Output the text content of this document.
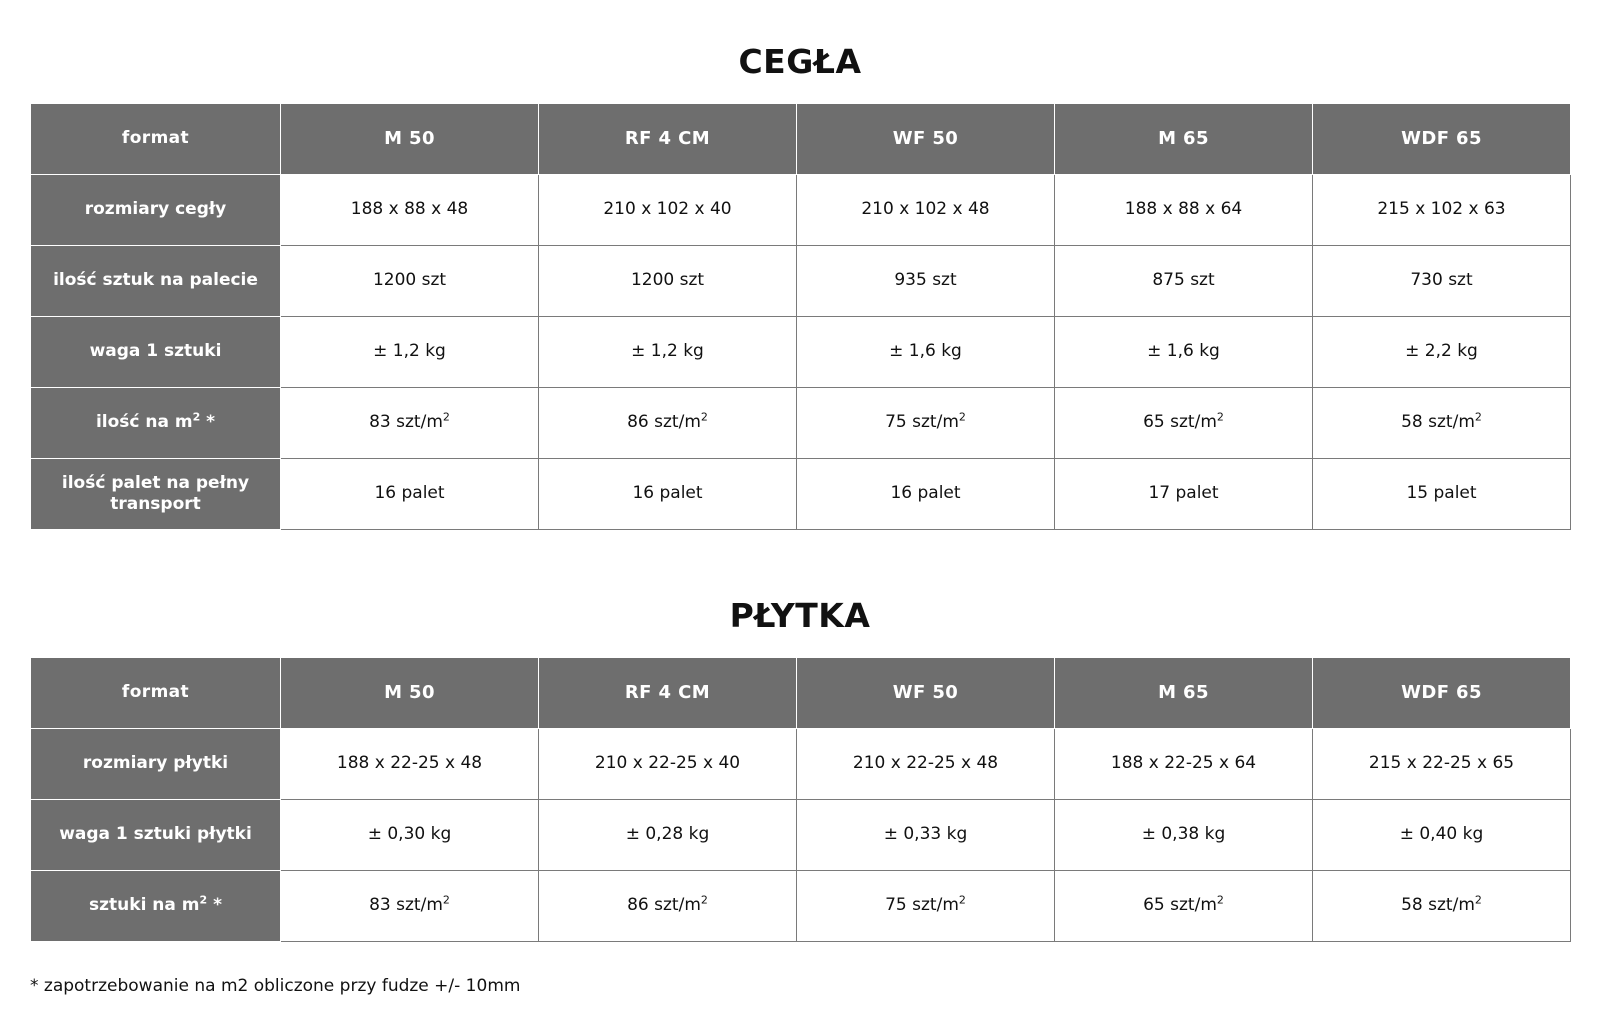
CEGŁA
format	M 50	RF 4 CM	WF 50	M 65	WDF 65
rozmiary cegły	188 x 88 x 48	210 x 102 x 40	210 x 102 x 48	188 x 88 x 64	215 x 102 x 63
ilość sztuk na palecie	1200 szt	1200 szt	935 szt	875 szt	730 szt
waga 1 sztuki	± 1,2 kg	± 1,2 kg	± 1,6 kg	± 1,6 kg	± 2,2 kg
ilość na $m^2$ *	83 szt/$m^2$	86 szt/$m^2$	75 szt/$m^2$	65 szt/$m^2$	58 szt/$m^2$
ilość palet na pełny transport	16 palet	16 palet	16 palet	17 palet	15 palet
PŁYTKA
format	M 50	RF 4 CM	WF 50	M 65	WDF 65
rozmiary płytki	188 x 22-25 x 48	210 x 22-25 x 40	210 x 22-25 x 48	188 x 22-25 x 64	215 x 22-25 x 65
waga 1 sztuki płytki	± 0,30 kg	± 0,28 kg	± 0,33 kg	± 0,38 kg	± 0,40 kg
sztuki na $m^2$ *	83 szt/$m^2$	86 szt/$m^2$	75 szt/$m^2$	65 szt/$m^2$	58 szt/$m^2$
* zapotrzebowanie na m2 obliczone przy fudze +/- 10mm
